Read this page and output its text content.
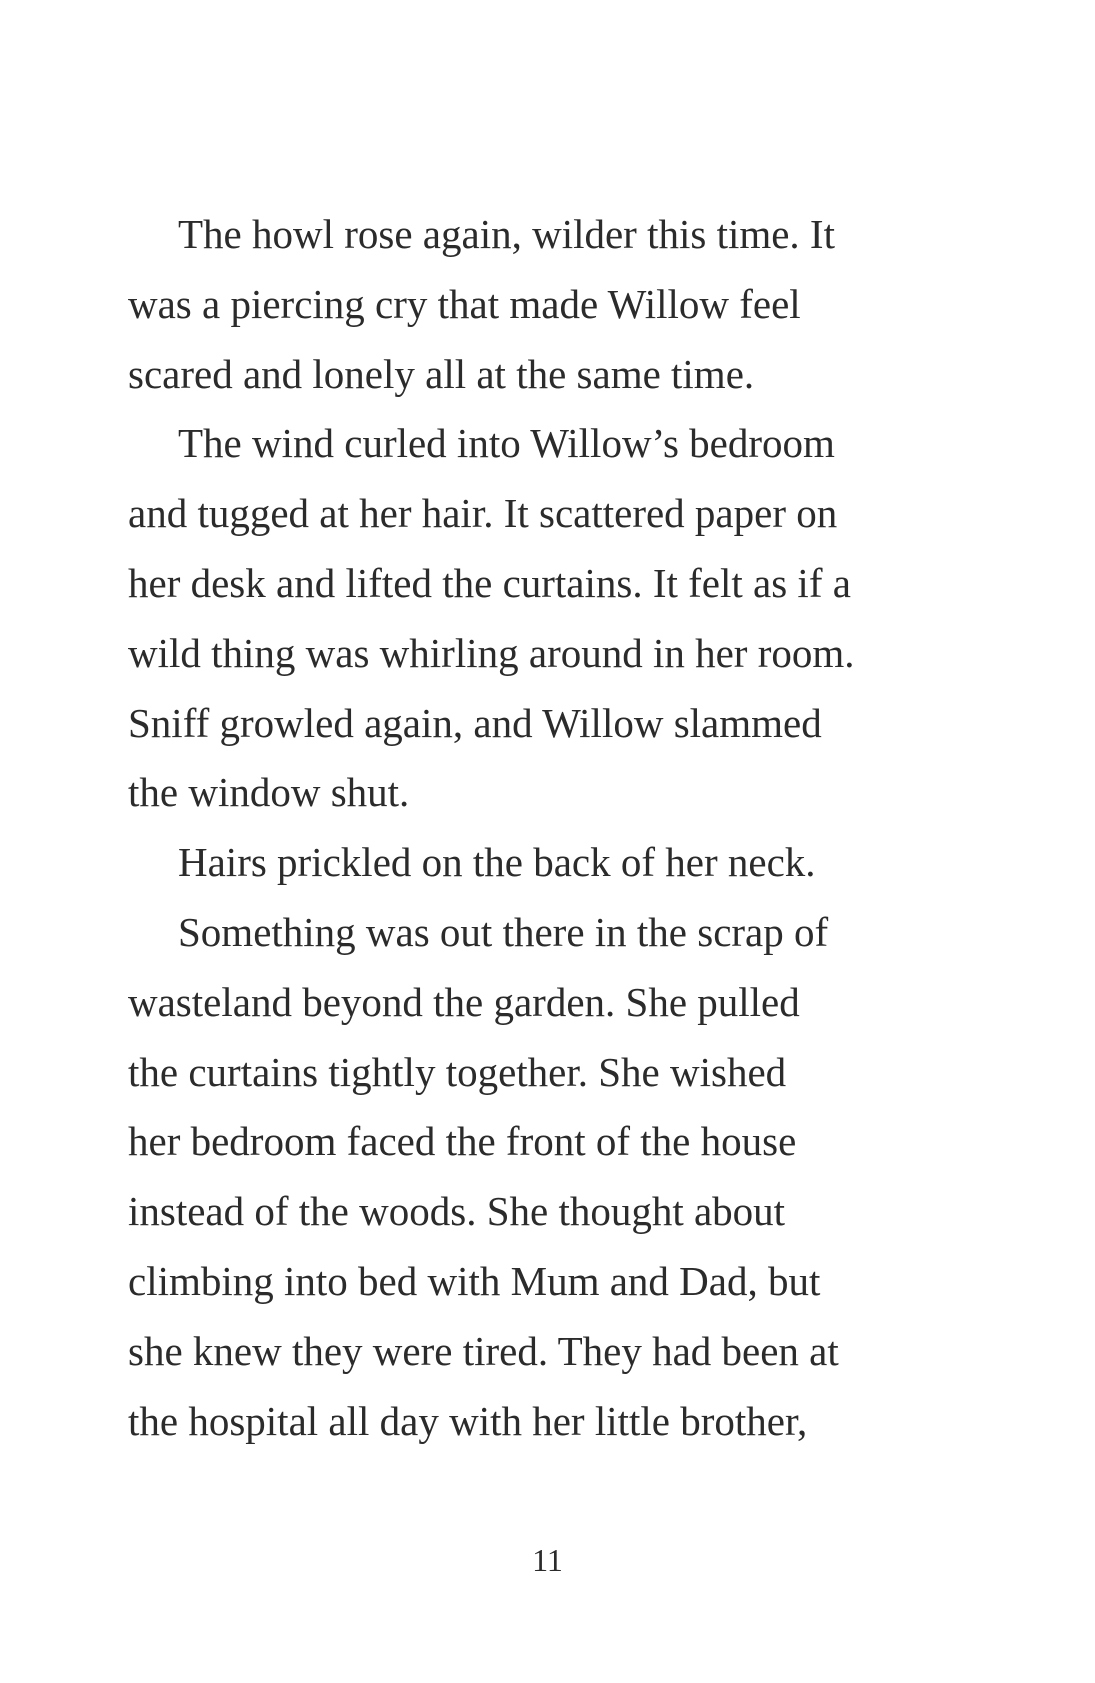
The howl rose again, wilder this time. It
was a piercing cry that made Willow feel
scared and lonely all at the same time.
The wind curled into Willow’s bedroom
and tugged at her hair. It scattered paper on
her desk and lifted the curtains. It felt as if a
wild thing was whirling around in her room.
Sniff growled again, and Willow slammed
the window shut.
Hairs prickled on the back of her neck.
Something was out there in the scrap of
wasteland beyond the garden. She pulled
the curtains tightly together. She wished
her bedroom faced the front of the house
instead of the woods. She thought about
climbing into bed with Mum and Dad, but
she knew they were tired. They had been at
the hospital all day with her little brother,
11
